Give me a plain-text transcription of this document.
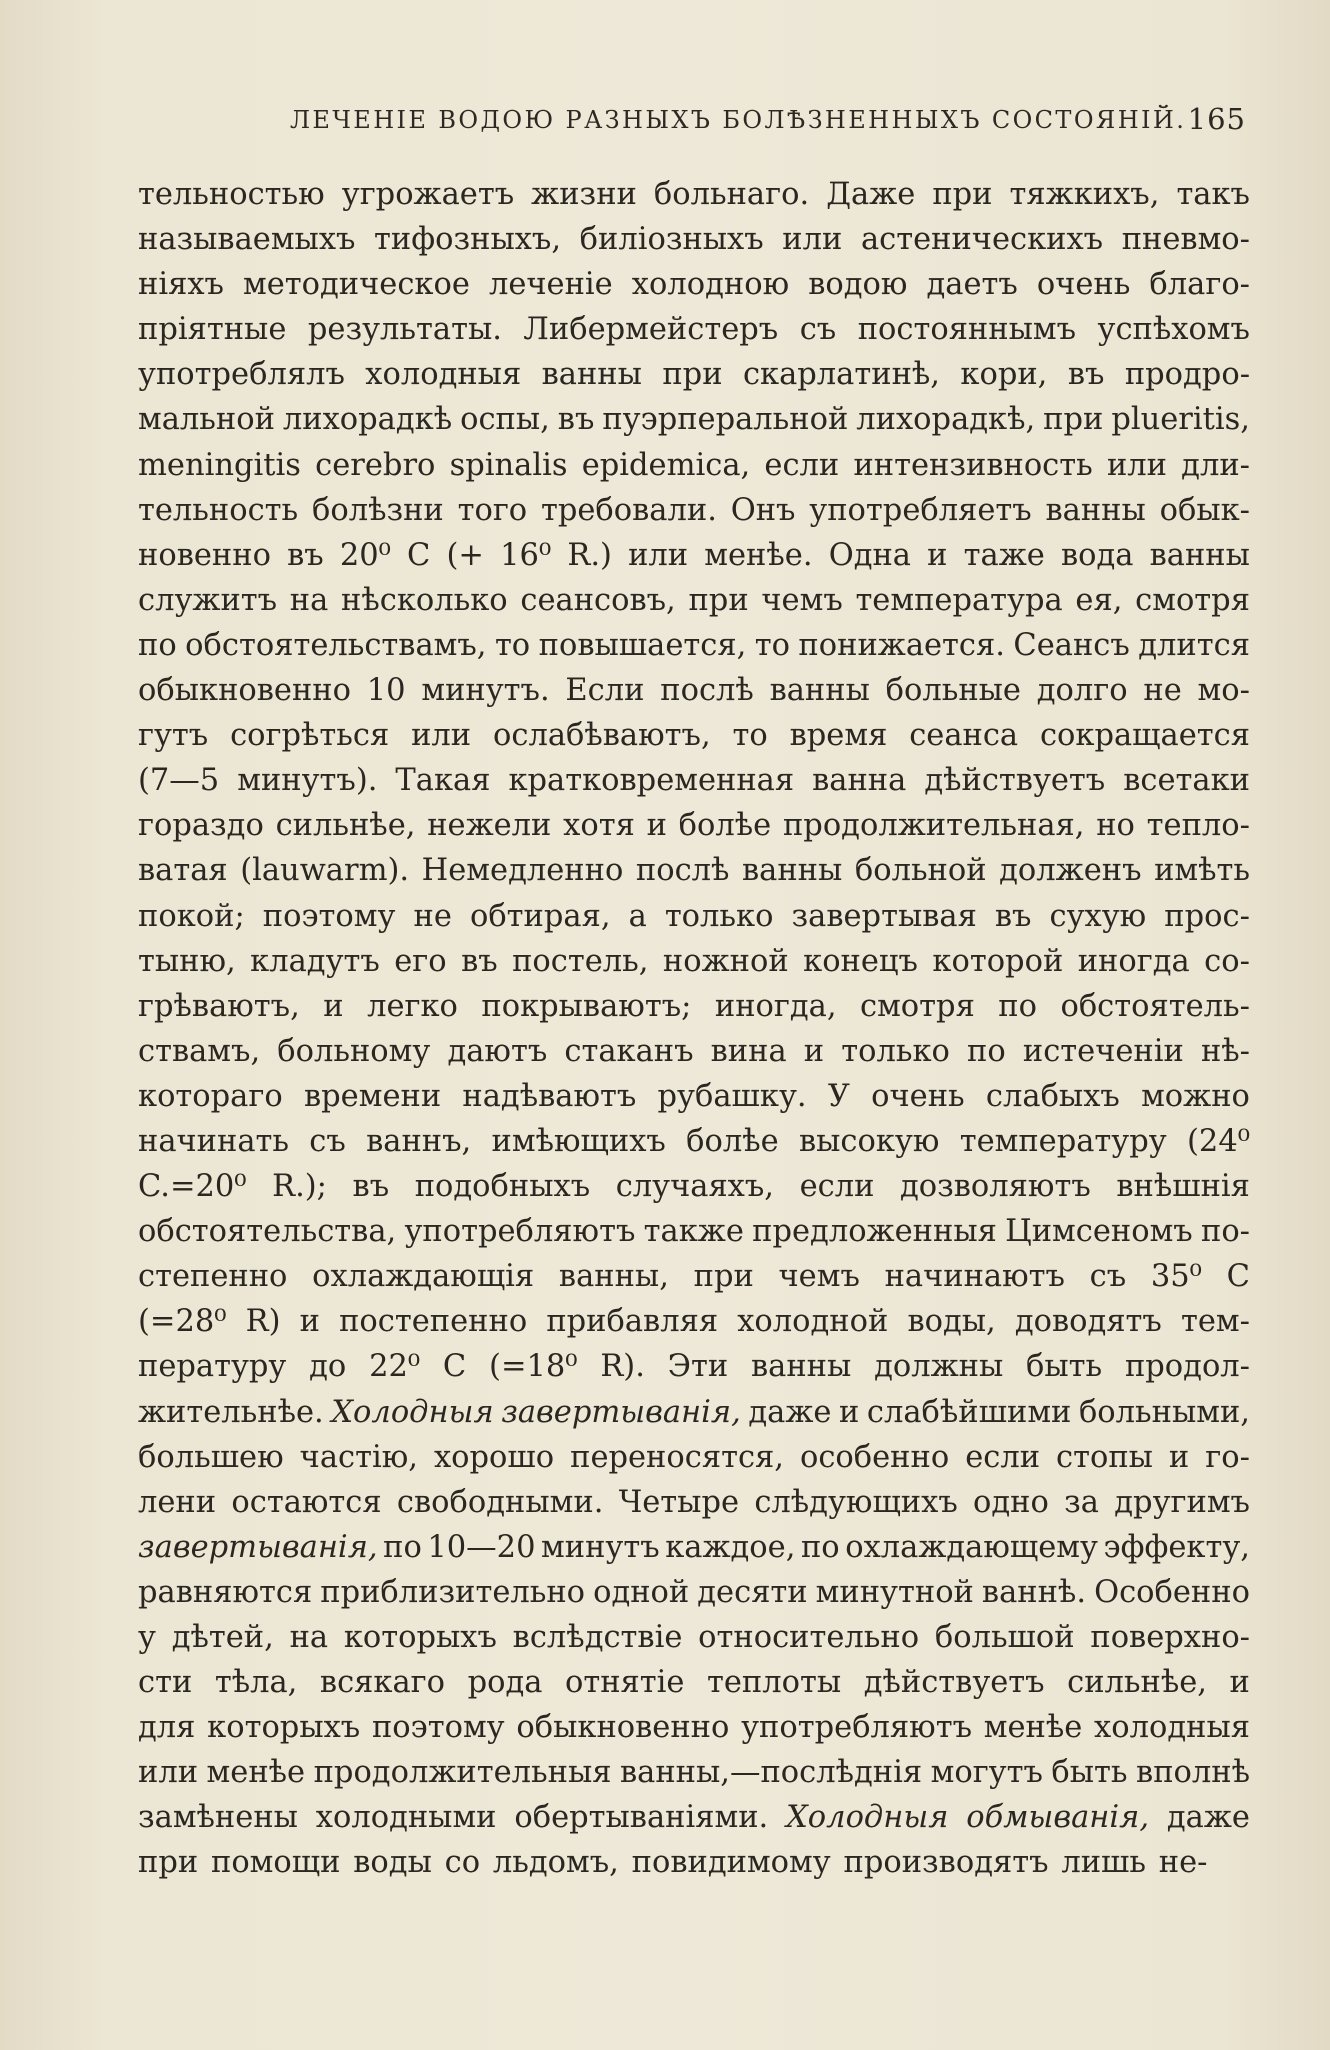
ЛЕЧЕНІЕ ВОДОЮ РАЗНЫХЪ БОЛѢЗНЕННЫХЪ СОСТОЯНІЙ. 165
тельностью угрожаетъ жизни больнаго. Даже при тяжкихъ, такъ
называемыхъ тифозныхъ, биліозныхъ или астеническихъ пневмо-
ніяхъ методическое леченіе холодною водою даетъ очень благо-
пріятные результаты. Либермейстеръ съ постояннымъ успѣхомъ
употреблялъ холодныя ванны при скарлатинѣ, кори, въ продро-
мальной лихорадкѣ оспы, въ пуэрперальной лихорадкѣ, при plueritis,
meningitis cerebro spinalis epidemica, если интензивность или дли-
тельность болѣзни того требовали. Онъ употребляетъ ванны обык-
новенно въ 20⁰ C (+ 16⁰ R.) или менѣе. Одна и таже вода ванны
служитъ на нѣсколько сеансовъ, при чемъ температура ея, смотря
по обстоятельствамъ, то повышается, то понижается. Сеансъ длится
обыкновенно 10 минутъ. Если послѣ ванны больные долго не мо-
гутъ согрѣться или ослабѣваютъ, то время сеанса сокращается
(7—5 минутъ). Такая кратковременная ванна дѣйствуетъ всетаки
гораздо сильнѣе, нежели хотя и болѣе продолжительная, но тепло-
ватая (lauwarm). Немедленно послѣ ванны больной долженъ имѣть
покой; поэтому не обтирая, а только завертывая въ сухую прос-
тыню, кладутъ его въ постель, ножной конецъ которой иногда со-
грѣваютъ, и легко покрываютъ; иногда, смотря по обстоятель-
ствамъ, больному даютъ стаканъ вина и только по истеченіи нѣ-
котораго времени надѣваютъ рубашку. У очень слабыхъ можно
начинать съ ваннъ, имѣющихъ болѣе высокую температуру (24⁰
C.=20⁰ R.); въ подобныхъ случаяхъ, если дозволяютъ внѣшнія
обстоятельства, употребляютъ также предложенныя Цимсеномъ по-
степенно охлаждающія ванны, при чемъ начинаютъ съ 35⁰ C
(=28⁰ R) и постепенно прибавляя холодной воды, доводятъ тем-
пературу до 22⁰ C (=18⁰ R). Эти ванны должны быть продол-
жительнѣе. Холодныя завертыванія, даже и слабѣйшими больными,
большею частію, хорошо переносятся, особенно если стопы и го-
лени остаются свободными. Четыре слѣдующихъ одно за другимъ
завертыванія, по 10—20 минутъ каждое, по охлаждающему эффекту,
равняются приблизительно одной десяти минутной ваннѣ. Особенно
у дѣтей, на которыхъ вслѣдствіе относительно большой поверхно-
сти тѣла, всякаго рода отнятіе теплоты дѣйствуетъ сильнѣе, и
для которыхъ поэтому обыкновенно употребляютъ менѣе холодныя
или менѣе продолжительныя ванны,—послѣднія могутъ быть вполнѣ
замѣнены холодными обертываніями. Холодныя обмыванія, даже
при помощи воды со льдомъ, повидимому производятъ лишь не-
